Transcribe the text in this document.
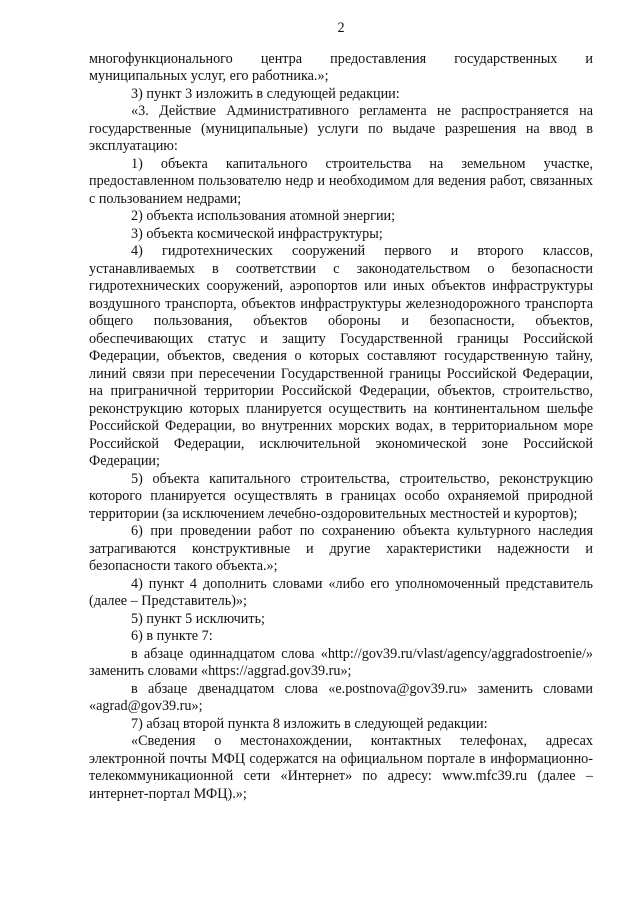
2

многофункционального центра предоставления государственных и муниципальных услуг, его работника.»;

3) пункт 3 изложить в следующей редакции:

«3. Действие Административного регламента не распространяется на государственные (муниципальные) услуги по выдаче разрешения на ввод в эксплуатацию:

1) объекта капитального строительства на земельном участке, предоставленном пользователю недр и необходимом для ведения работ, связанных с пользованием недрами;

2) объекта использования атомной энергии;

3) объекта космической инфраструктуры;

4) гидротехнических сооружений первого и второго классов, устанавливаемых в соответствии с законодательством о безопасности гидротехнических сооружений, аэропортов или иных объектов инфраструктуры воздушного транспорта, объектов инфраструктуры железнодорожного транспорта общего пользования, объектов обороны и безопасности, объектов, обеспечивающих статус и защиту Государственной границы Российской Федерации, объектов, сведения о которых составляют государственную тайну, линий связи при пересечении Государственной границы Российской Федерации, на приграничной территории Российской Федерации, объектов, строительство, реконструкцию которых планируется осуществить на континентальном шельфе Российской Федерации, во внутренних морских водах, в территориальном море Российской Федерации, исключительной экономической зоне Российской Федерации;

5) объекта капитального строительства, строительство, реконструкцию которого планируется осуществлять в границах особо охраняемой природной территории (за исключением лечебно-оздоровительных местностей и курортов);

6) при проведении работ по сохранению объекта культурного наследия затрагиваются конструктивные и другие характеристики надежности и безопасности такого объекта.»;

4) пункт 4 дополнить словами «либо его уполномоченный представитель (далее – Представитель)»;

5) пункт 5 исключить;

6) в пункте 7:

в абзаце одиннадцатом слова «http://gov39.ru/vlast/agency/aggradostroenie/» заменить словами «https://aggrad.gov39.ru»;

в абзаце двенадцатом слова «e.postnova@gov39.ru» заменить словами «agrad@gov39.ru»;

7) абзац второй пункта 8 изложить в следующей редакции:

«Сведения о местонахождении, контактных телефонах, адресах электронной почты МФЦ содержатся на официальном портале в информационно-телекоммуникационной сети «Интернет» по адресу: www.mfc39.ru (далее – интернет-портал МФЦ).»;
